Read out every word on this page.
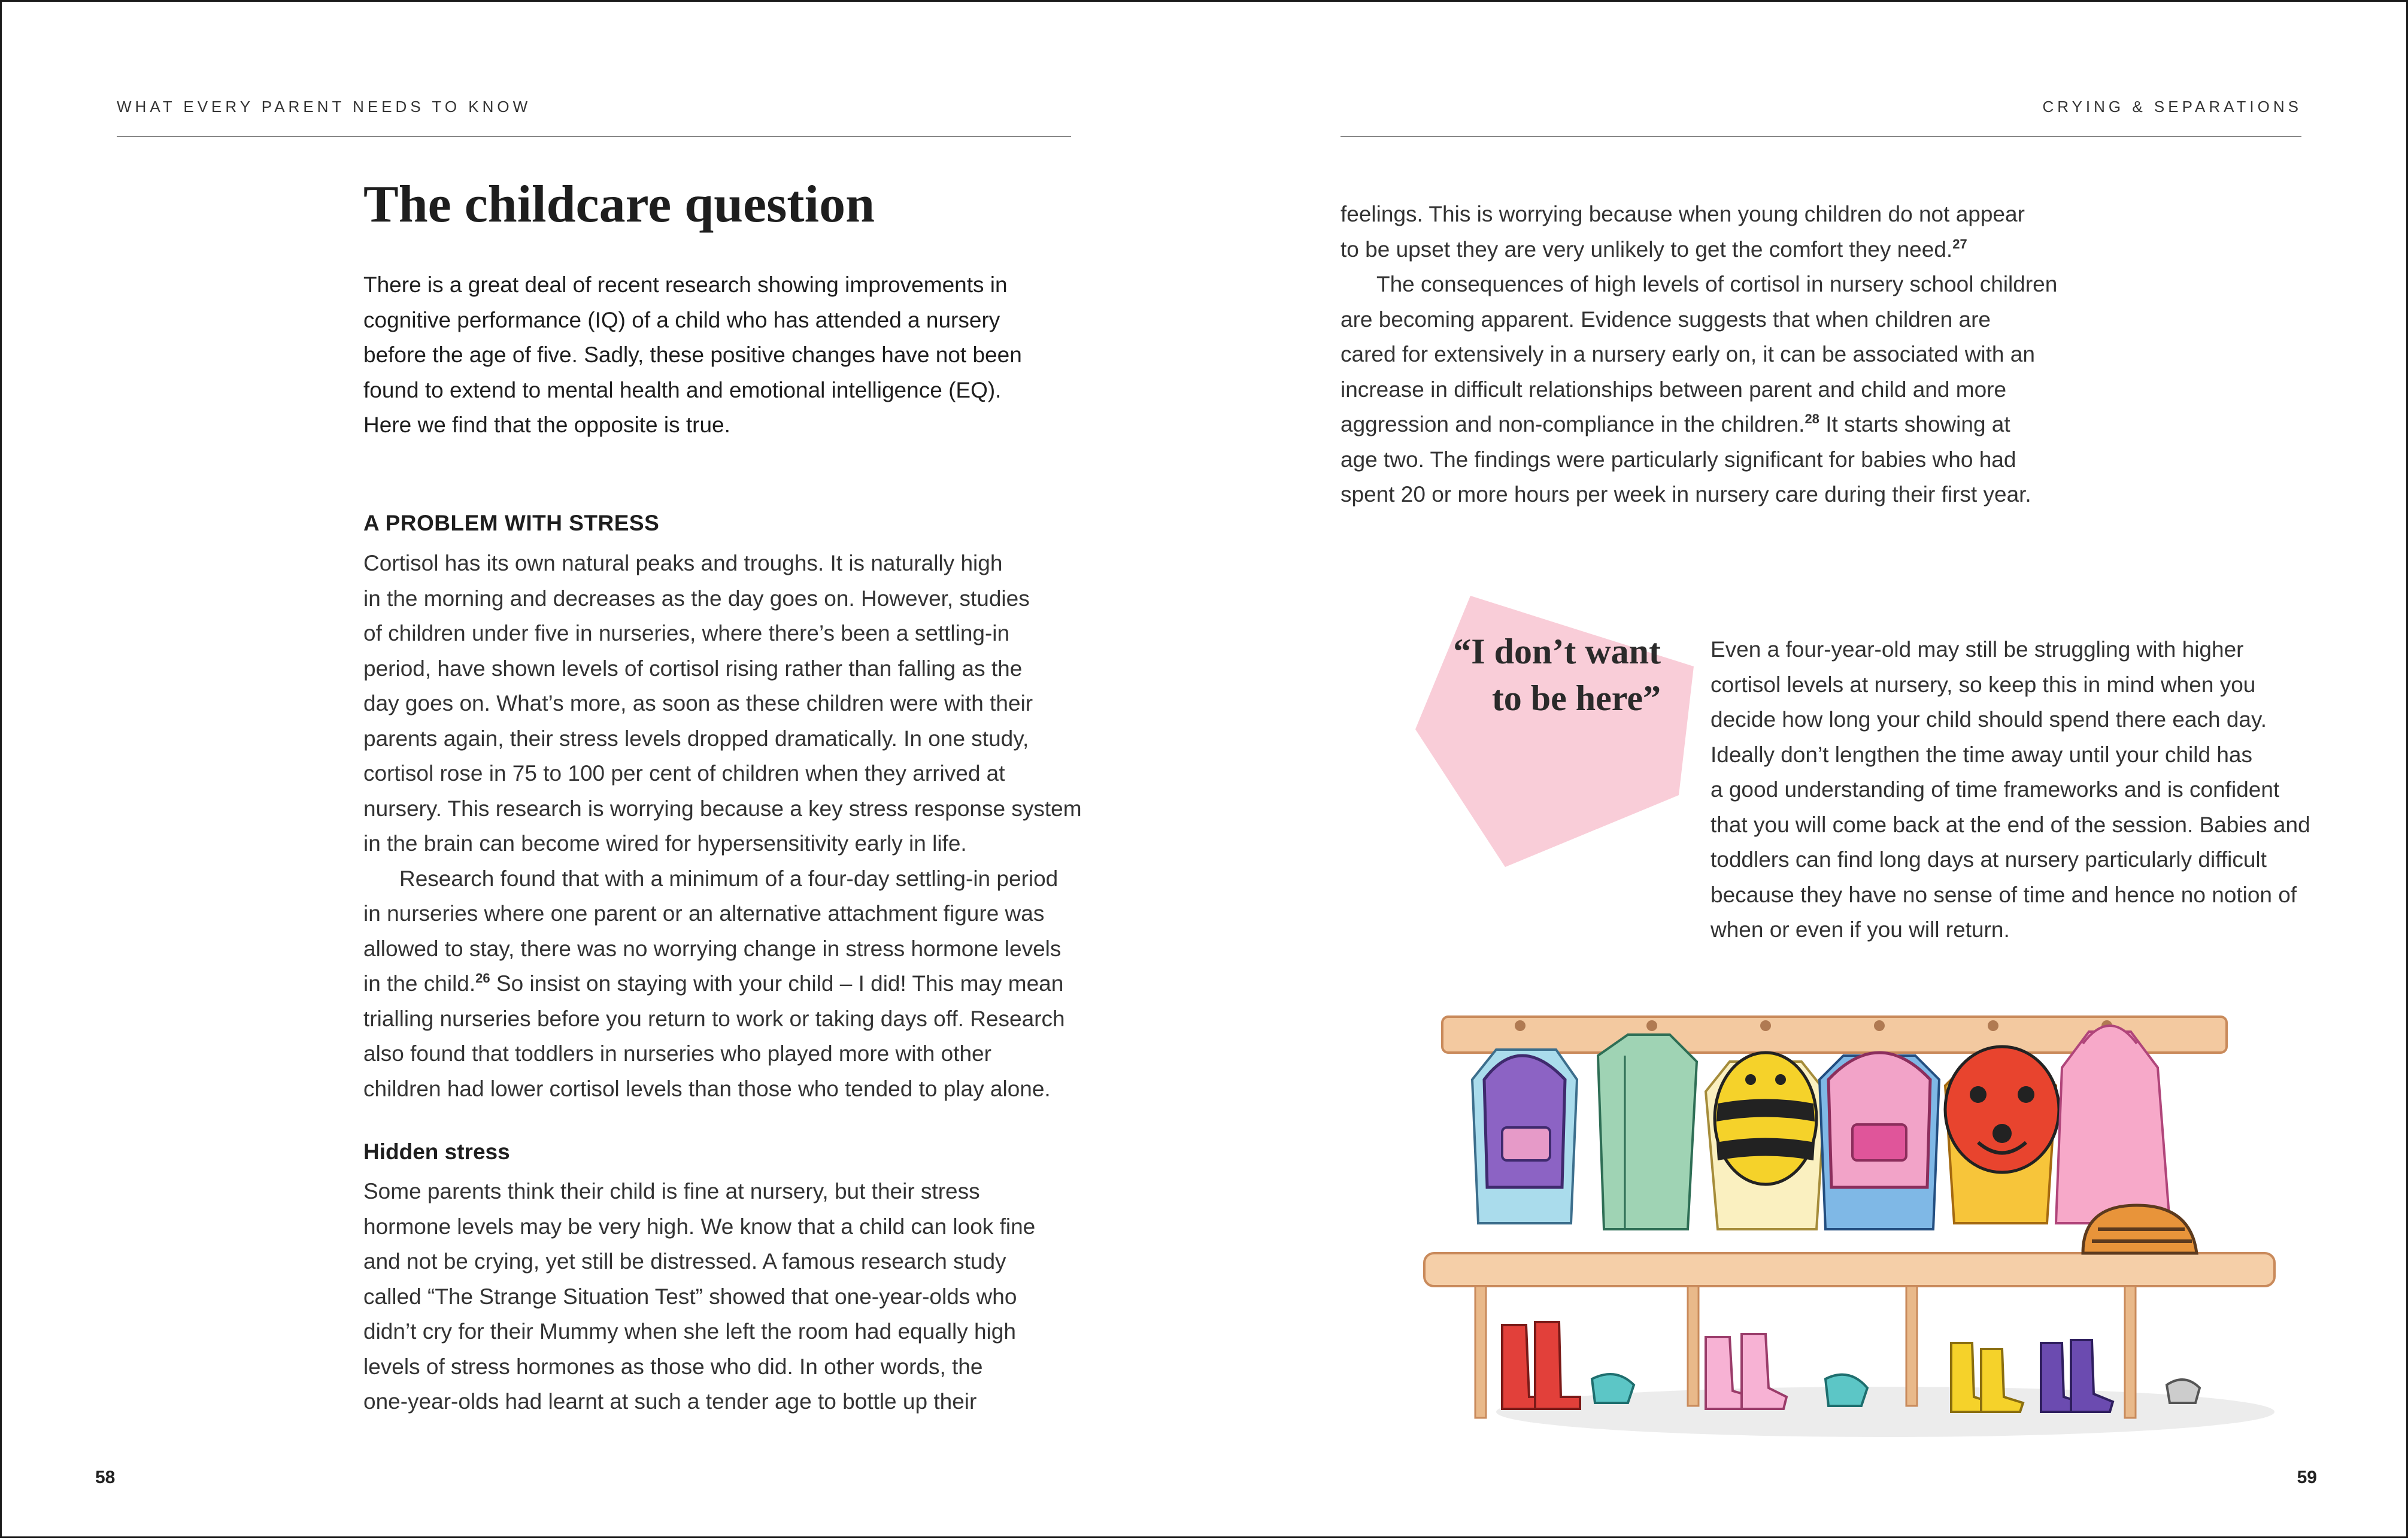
WHAT EVERY PARENT NEEDS TO KNOW
The childcare question
There is a great deal of recent research showing improvements in
cognitive performance (IQ) of a child who has attended a nursery
before the age of five. Sadly, these positive changes have not been
found to extend to mental health and emotional intelligence (EQ).
Here we find that the opposite is true.
A PROBLEM WITH STRESS
Cortisol has its own natural peaks and troughs. It is naturally high
in the morning and decreases as the day goes on. However, studies
of children under five in nurseries, where there’s been a settling-in
period, have shown levels of cortisol rising rather than falling as the
day goes on. What’s more, as soon as these children were with their
parents again, their stress levels dropped dramatically. In one study,
cortisol rose in 75 to 100 per cent of children when they arrived at
nursery. This research is worrying because a key stress response system
in the brain can become wired for hypersensitivity early in life.
Research found that with a minimum of a four-day settling-in period
in nurseries where one parent or an alternative attachment figure was
allowed to stay, there was no worrying change in stress hormone levels
in the child.$^{26}$ So insist on staying with your child – I did! This may mean
trialling nurseries before you return to work or taking days off. Research
also found that toddlers in nurseries who played more with other
children had lower cortisol levels than those who tended to play alone.
Hidden stress
Some parents think their child is fine at nursery, but their stress
hormone levels may be very high. We know that a child can look fine
and not be crying, yet still be distressed. A famous research study
called “The Strange Situation Test” showed that one-year-olds who
didn’t cry for their Mummy when she left the room had equally high
levels of stress hormones as those who did. In other words, the
one-year-olds had learnt at such a tender age to bottle up their
58
CRYING & SEPARATIONS
feelings. This is worrying because when young children do not appear
to be upset they are very unlikely to get the comfort they need.$^{27}$
The consequences of high levels of cortisol in nursery school children
are becoming apparent. Evidence suggests that when children are
cared for extensively in a nursery early on, it can be associated with an
increase in difficult relationships between parent and child and more
aggression and non-compliance in the children.$^{28}$ It starts showing at
age two. The findings were particularly significant for babies who had
spent 20 or more hours per week in nursery care during their first year.
“I don’t want
to be here”
Even a four-year-old may still be struggling with higher
cortisol levels at nursery, so keep this in mind when you
decide how long your child should spend there each day.
Ideally don’t lengthen the time away until your child has
a good understanding of time frameworks and is confident
that you will come back at the end of the session. Babies and
toddlers can find long days at nursery particularly difficult
because they have no sense of time and hence no notion of
when or even if you will return.
59
